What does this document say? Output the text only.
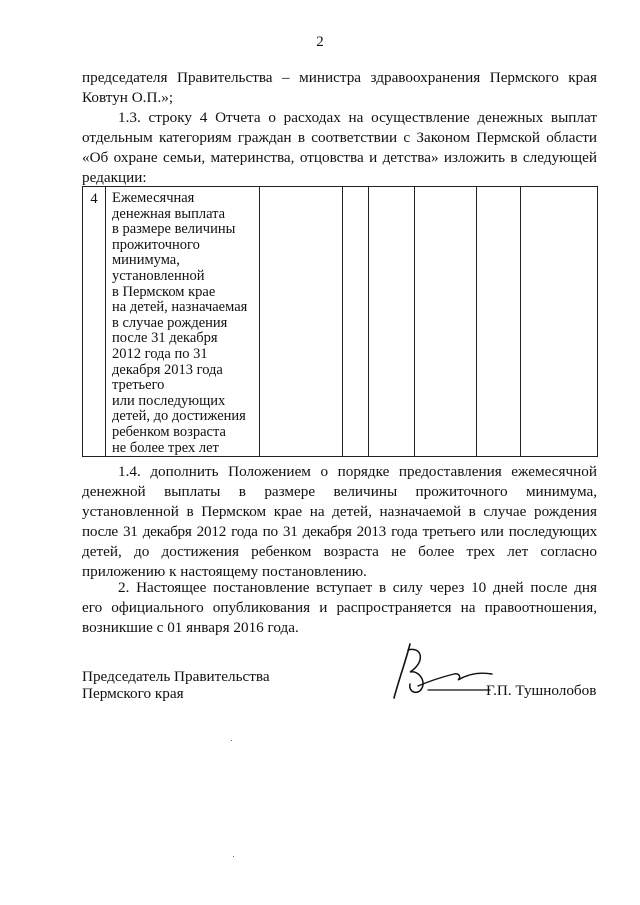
2
председателя Правительства – министра здравоохранения Пермского края
Ковтун О.П.»;
1.3. строку 4 Отчета о расходах на осуществление денежных выплат
отдельным категориям граждан в соответствии с Законом Пермской области
«Об охране семьи, материнства, отцовства и детства» изложить в следующей
редакции:
4	Ежемесячная
денежная выплата
в размере величины
прожиточного
минимума,
установленной
в Пермском крае
на детей, назначаемая
в случае рождения
после 31 декабря
2012 года по 31
декабря 2013 года
третьего
или последующих
детей, до достижения
ребенком возраста
не более трех лет

1.4. дополнить Положением о порядке предоставления ежемесячной
денежной выплаты в размере величины прожиточного минимума,
установленной в Пермском крае на детей, назначаемой в случае рождения
после 31 декабря 2012 года по 31 декабря 2013 года третьего или последующих
детей, до достижения ребенком возраста не более трех лет согласно
приложению к настоящему постановлению.
2. Настоящее постановление вступает в силу через 10 дней после дня
его официального опубликования и распространяется на правоотношения,
возникшие с 01 января 2016 года.
Председатель Правительства
Пермского края	Г.П. Тушнолобов
